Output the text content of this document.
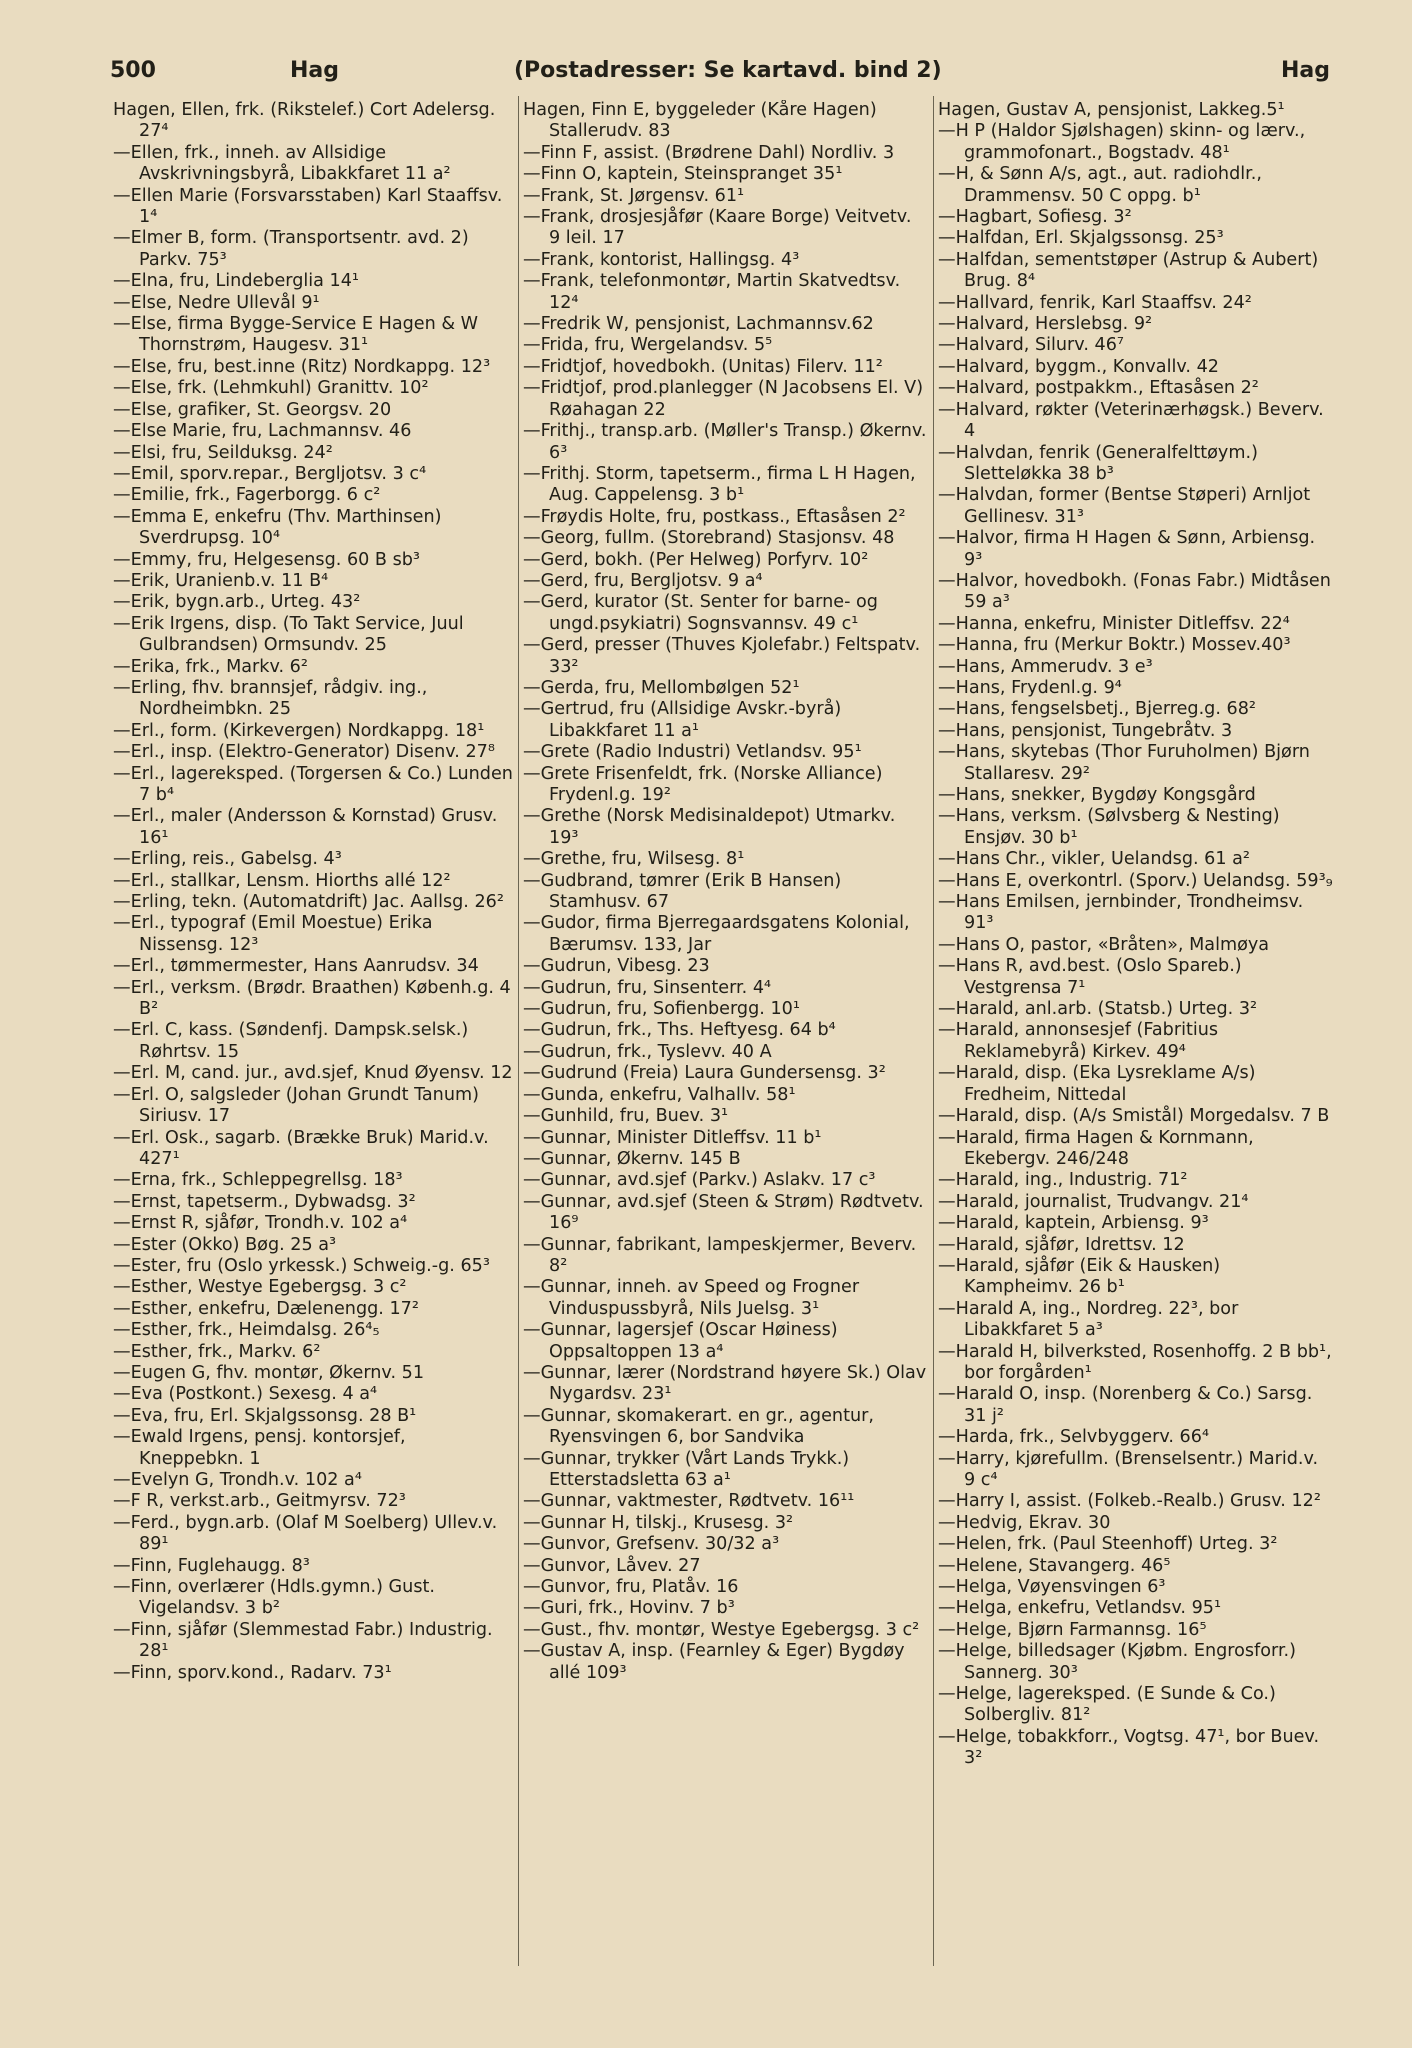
500	Hag	(Postadresser: Se kartavd. bind 2)	Hag

Hagen, Ellen, frk. (Rikstelef.) Cort Adelersg. 27⁴

—Ellen, frk., inneh. av Allsidige Avskrivningsbyrå, Libakkfaret 11 a²

—Ellen Marie (Forsvarsstaben) Karl Staaffsv. 1⁴

—Elmer B, form. (Transportsentr. avd. 2) Parkv. 75³

—Elna, fru, Lindeberglia 14¹

—Else, Nedre Ullevål 9¹

—Else, firma Bygge-Service E Hagen & W Thornstrøm, Haugesv. 31¹

—Else, fru, best.inne (Ritz) Nordkappg. 12³

—Else, frk. (Lehmkuhl) Granittv. 10²

—Else, grafiker, St. Georgsv. 20

—Else Marie, fru, Lachmannsv. 46

—Elsi, fru, Seilduksg. 24²

—Emil, sporv.repar., Bergljotsv. 3 c⁴

—Emilie, frk., Fagerborgg. 6 c²

—Emma E, enkefru (Thv. Marthinsen) Sverdrupsg. 10⁴

—Emmy, fru, Helgesensg. 60 B sb³

—Erik, Uranienb.v. 11 B⁴

—Erik, bygn.arb., Urteg. 43²

—Erik Irgens, disp. (To Takt Service, Juul Gulbrandsen) Ormsundv. 25

—Erika, frk., Markv. 6²

—Erling, fhv. brannsjef, rådgiv. ing., Nordheimbkn. 25

—Erl., form. (Kirkevergen) Nordkappg. 18¹

—Erl., insp. (Elektro-Generator) Disenv. 27⁸

—Erl., lagereksped. (Torgersen & Co.) Lunden 7 b⁴

—Erl., maler (Andersson & Kornstad) Grusv. 16¹

—Erling, reis., Gabelsg. 4³

—Erl., stallkar, Lensm. Hiorths allé 12²

—Erling, tekn. (Automatdrift) Jac. Aallsg. 26²

—Erl., typograf (Emil Moestue) Erika Nissensg. 12³

—Erl., tømmermester, Hans Aanrudsv. 34

—Erl., verksm. (Brødr. Braathen) Københ.g. 4 B²

—Erl. C, kass. (Søndenfj. Dampsk.selsk.) Røhrtsv. 15

—Erl. M, cand. jur., avd.sjef, Knud Øyensv. 12

—Erl. O, salgsleder (Johan Grundt Tanum) Siriusv. 17

—Erl. Osk., sagarb. (Brække Bruk) Marid.v. 427¹

—Erna, frk., Schleppegrellsg. 18³

—Ernst, tapetserm., Dybwadsg. 3²

—Ernst R, sjåfør, Trondh.v. 102 a⁴

—Ester (Okko) Bøg. 25 a³

—Ester, fru (Oslo yrkessk.) Schweig.-g. 65³

—Esther, Westye Egebergsg. 3 c²

—Esther, enkefru, Dælenengg. 17²

—Esther, frk., Heimdalsg. 26⁴₅

—Esther, frk., Markv. 6²

—Eugen G, fhv. montør, Økernv. 51

—Eva (Postkont.) Sexesg. 4 a⁴

—Eva, fru, Erl. Skjalgssonsg. 28 B¹

—Ewald Irgens, pensj. kontorsjef, Kneppebkn. 1

—Evelyn G, Trondh.v. 102 a⁴

—F R, verkst.arb., Geitmyrsv. 72³

—Ferd., bygn.arb. (Olaf M Soelberg) Ullev.v. 89¹

—Finn, Fuglehaugg. 8³

—Finn, overlærer (Hdls.gymn.) Gust. Vigelandsv. 3 b²

—Finn, sjåfør (Slemmestad Fabr.) Industrig. 28¹

—Finn, sporv.kond., Radarv. 73¹

Hagen, Finn E, byggeleder (Kåre Hagen) Stallerudv. 83

—Finn F, assist. (Brødrene Dahl) Nordliv. 3

—Finn O, kaptein, Steinspranget 35¹

—Frank, St. Jørgensv. 61¹

—Frank, drosjesjåfør (Kaare Borge) Veitvetv. 9 leil. 17

—Frank, kontorist, Hallingsg. 4³

—Frank, telefonmontør, Martin Skatvedtsv. 12⁴

—Fredrik W, pensjonist, Lachmannsv.62

—Frida, fru, Wergelandsv. 5⁵

—Fridtjof, hovedbokh. (Unitas) Filerv. 11²

—Fridtjof, prod.planlegger (N Jacobsens El. V) Røahagan 22

—Frithj., transp.arb. (Møller's Transp.) Økernv. 6³

—Frithj. Storm, tapetserm., firma L H Hagen, Aug. Cappelensg. 3 b¹

—Frøydis Holte, fru, postkass., Eftasåsen 2²

—Georg, fullm. (Storebrand) Stasjonsv. 48

—Gerd, bokh. (Per Helweg) Porfyrv. 10²

—Gerd, fru, Bergljotsv. 9 a⁴

—Gerd, kurator (St. Senter for barne- og ungd.psykiatri) Sognsvannsv. 49 c¹

—Gerd, presser (Thuves Kjolefabr.) Feltspatv. 33²

—Gerda, fru, Mellombølgen 52¹

—Gertrud, fru (Allsidige Avskr.-byrå) Libakkfaret 11 a¹

—Grete (Radio Industri) Vetlandsv. 95¹

—Grete Frisenfeldt, frk. (Norske Alliance) Frydenl.g. 19²

—Grethe (Norsk Medisinaldepot) Utmarkv. 19³

—Grethe, fru, Wilsesg. 8¹

—Gudbrand, tømrer (Erik B Hansen) Stamhusv. 67

—Gudor, firma Bjerregaardsgatens Kolonial, Bærumsv. 133, Jar

—Gudrun, Vibesg. 23

—Gudrun, fru, Sinsenterr. 4⁴

—Gudrun, fru, Sofienbergg. 10¹

—Gudrun, frk., Ths. Heftyesg. 64 b⁴

—Gudrun, frk., Tyslevv. 40 A

—Gudrund (Freia) Laura Gundersensg. 3²

—Gunda, enkefru, Valhallv. 58¹

—Gunhild, fru, Buev. 3¹

—Gunnar, Minister Ditleffsv. 11 b¹

—Gunnar, Økernv. 145 B

—Gunnar, avd.sjef (Parkv.) Aslakv. 17 c³

—Gunnar, avd.sjef (Steen & Strøm) Rødtvetv. 16⁹

—Gunnar, fabrikant, lampeskjermer, Beverv. 8²

—Gunnar, inneh. av Speed og Frogner Vinduspussbyrå, Nils Juelsg. 3¹

—Gunnar, lagersjef (Oscar Høiness) Oppsaltoppen 13 a⁴

—Gunnar, lærer (Nordstrand høyere Sk.) Olav Nygardsv. 23¹

—Gunnar, skomakerart. en gr., agentur, Ryensvingen 6, bor Sandvika

—Gunnar, trykker (Vårt Lands Trykk.) Etterstadsletta 63 a¹

—Gunnar, vaktmester, Rødtvetv. 16¹¹

—Gunnar H, tilskj., Krusesg. 3²

—Gunvor, Grefsenv. 30/32 a³

—Gunvor, Låvev. 27

—Gunvor, fru, Platåv. 16

—Guri, frk., Hovinv. 7 b³

—Gust., fhv. montør, Westye Egebergsg. 3 c²

—Gustav A, insp. (Fearnley & Eger) Bygdøy allé 109³

Hagen, Gustav A, pensjonist, Lakkeg.5¹

—H P (Haldor Sjølshagen) skinn- og lærv., grammofonart., Bogstadv. 48¹

—H, & Sønn A/s, agt., aut. radiohdlr., Drammensv. 50 C oppg. b¹

—Hagbart, Sofiesg. 3²

—Halfdan, Erl. Skjalgssonsg. 25³

—Halfdan, sementstøper (Astrup & Aubert) Brug. 8⁴

—Hallvard, fenrik, Karl Staaffsv. 24²

—Halvard, Herslebsg. 9²

—Halvard, Silurv. 46⁷

—Halvard, byggm., Konvallv. 42

—Halvard, postpakkm., Eftasåsen 2²

—Halvard, røkter (Veterinærhøgsk.) Beverv. 4

—Halvdan, fenrik (Generalfelttøym.) Sletteløkka 38 b³

—Halvdan, former (Bentse Støperi) Arnljot Gellinesv. 31³

—Halvor, firma H Hagen & Sønn, Arbiensg. 9³

—Halvor, hovedbokh. (Fonas Fabr.) Midtåsen 59 a³

—Hanna, enkefru, Minister Ditleffsv. 22⁴

—Hanna, fru (Merkur Boktr.) Mossev.40³

—Hans, Ammerudv. 3 e³

—Hans, Frydenl.g. 9⁴

—Hans, fengselsbetj., Bjerreg.g. 68²

—Hans, pensjonist, Tungebråtv. 3

—Hans, skytebas (Thor Furuholmen) Bjørn Stallaresv. 29²

—Hans, snekker, Bygdøy Kongsgård

—Hans, verksm. (Sølvsberg & Nesting) Ensjøv. 30 b¹

—Hans Chr., vikler, Uelandsg. 61 a²

—Hans E, overkontrl. (Sporv.) Uelandsg. 59³₉

—Hans Emilsen, jernbinder, Trondheimsv. 91³

—Hans O, pastor, «Bråten», Malmøya

—Hans R, avd.best. (Oslo Spareb.) Vestgrensa 7¹

—Harald, anl.arb. (Statsb.) Urteg. 3²

—Harald, annonsesjef (Fabritius Reklamebyrå) Kirkev. 49⁴

—Harald, disp. (Eka Lysreklame A/s) Fredheim, Nittedal

—Harald, disp. (A/s Smistål) Morgedalsv. 7 B

—Harald, firma Hagen & Kornmann, Ekebergv. 246/248

—Harald, ing., Industrig. 71²

—Harald, journalist, Trudvangv. 21⁴

—Harald, kaptein, Arbiensg. 9³

—Harald, sjåfør, Idrettsv. 12

—Harald, sjåfør (Eik & Hausken) Kampheimv. 26 b¹

—Harald A, ing., Nordreg. 22³, bor Libakkfaret 5 a³

—Harald H, bilverksted, Rosenhoffg. 2 B bb¹, bor forgården¹

—Harald O, insp. (Norenberg & Co.) Sarsg. 31 j²

—Harda, frk., Selvbyggerv. 66⁴

—Harry, kjørefullm. (Brenselsentr.) Marid.v. 9 c⁴

—Harry I, assist. (Folkeb.-Realb.) Grusv. 12²

—Hedvig, Ekrav. 30

—Helen, frk. (Paul Steenhoff) Urteg. 3²

—Helene, Stavangerg. 46⁵

—Helga, Vøyensvingen 6³

—Helga, enkefru, Vetlandsv. 95¹

—Helge, Bjørn Farmannsg. 16⁵

—Helge, billedsager (Kjøbm. Engrosforr.) Sannerg. 30³

—Helge, lagereksped. (E Sunde & Co.) Solbergliv. 81²

—Helge, tobakkforr., Vogtsg. 47¹, bor Buev. 3²
